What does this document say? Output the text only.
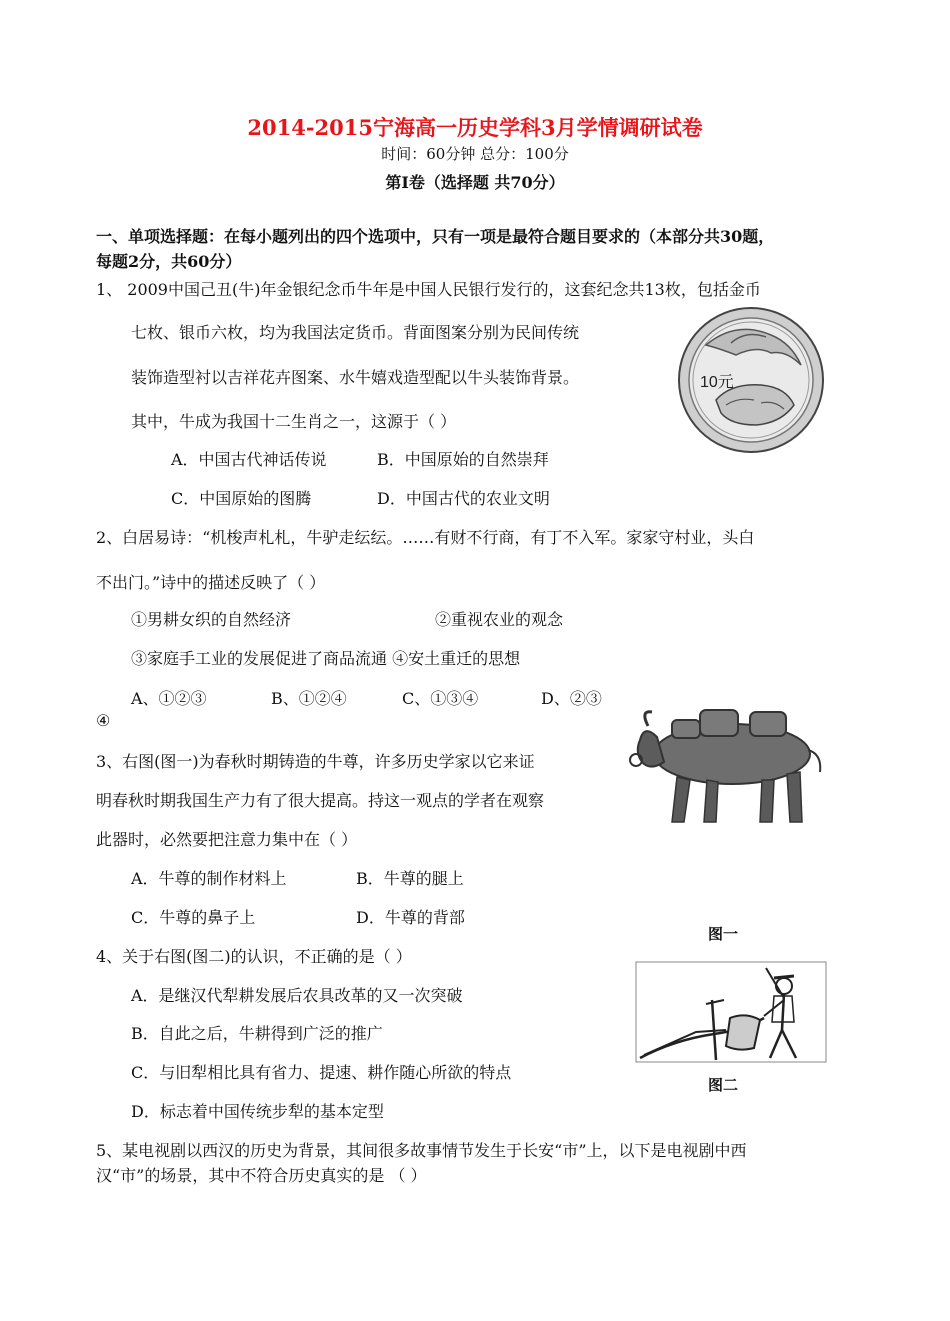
2014-2015宁海高一历史学科3月学情调研试卷
时间：60分钟 总分：100分
第Ⅰ卷（选择题 共70分）
一、单项选择题：在每小题列出的四个选项中，只有一项是最符合题目要求的（本部分共30题，
每题2分，共60分）
1、 2009中国己丑(牛)年金银纪念币牛年是中国人民银行发行的，这套纪念共13枚，包括金币
七枚、银币六枚，均为我国法定货币。背面图案分别为民间传统
装饰造型衬以吉祥花卉图案、水牛嬉戏造型配以牛头装饰背景。
其中，牛成为我国十二生肖之一，这源于（ ）
A．中国古代神话传说	B．中国原始的自然崇拜
C．中国原始的图腾	D．中国古代的农业文明
10元
2、白居易诗：“机梭声札札，牛驴走纭纭。……有财不行商，有丁不入军。家家守村业，头白
不出门。”诗中的描述反映了（ ）
①男耕女织的自然经济	②重视农业的观念
③家庭手工业的发展促进了商品流通 ④安土重迁的思想
A、①②③	B、①②④	C、①③④	D、②③
④
3、右图(图一)为春秋时期铸造的牛尊，许多历史学家以它来证
明春秋时期我国生产力有了很大提高。持这一观点的学者在观察
此器时，必然要把注意力集中在（ ）
A．牛尊的制作材料上	B．牛尊的腿上
C．牛尊的鼻子上	D．牛尊的背部
图一
4、关于右图(图二)的认识，不正确的是（ ）
A．是继汉代犁耕发展后农具改革的又一次突破
B．自此之后，牛耕得到广泛的推广
C．与旧犁相比具有省力、提速、耕作随心所欲的特点
D．标志着中国传统步犁的基本定型
图二
5、某电视剧以西汉的历史为背景，其间很多故事情节发生于长安“市”上，以下是电视剧中西
汉“市”的场景，其中不符合历史真实的是 （ ）
